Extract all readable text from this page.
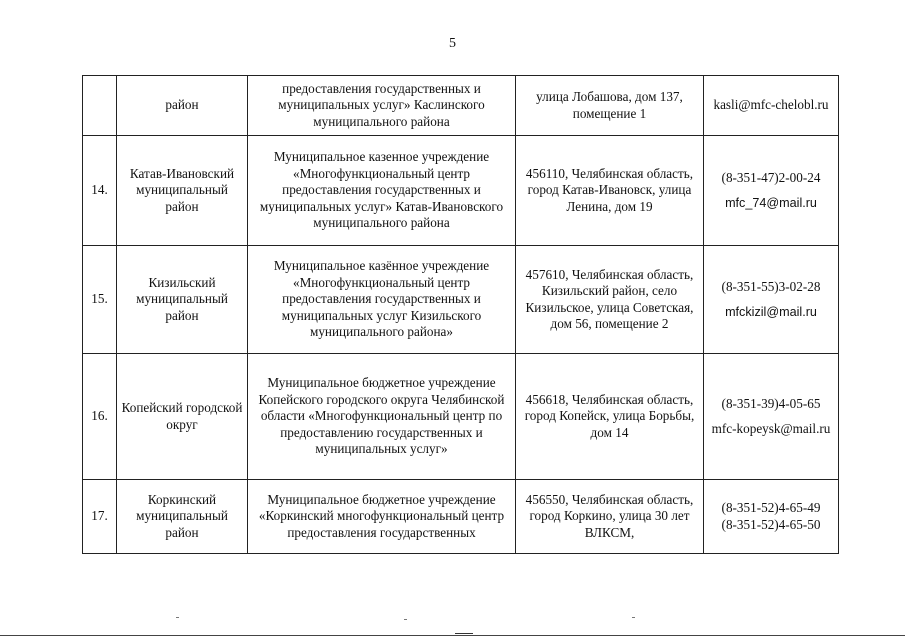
5
	район	предоставления государственных и муниципальных услуг» Каслинского муниципального района	улица Лобашова, дом 137, помещение 1	kasli@mfc-chelobl.ru

14.	Катав-Ивановский муниципальный район	Муниципальное казенное учреждение «Многофункциональный центр предоставления государственных и муниципальных услуг» Катав-Ивановского муниципального района	456110, Челябинская область, город Катав-Ивановск, улица Ленина, дом 19	(8-351-47)2-00-24
mfc_74@mail.ru

15.	Кизильский муниципальный район	Муниципальное казённое учреждение «Многофункциональный центр предоставления государственных и муниципальных услуг Кизильского муниципального района»	457610, Челябинская область, Кизильский район, село Кизильское, улица Советская, дом 56, помещение 2	(8-351-55)3-02-28
mfckizil@mail.ru

16.	Копейский городской округ	Муниципальное бюджетное учреждение Копейского городского округа Челябинской области «Многофункциональный центр по предоставлению государственных и муниципальных услуг»	456618, Челябинская область, город Копейск, улица Борьбы, дом 14	(8-351-39)4-05-65
mfc-kopeysk@mail.ru

17.	Коркинский муниципальный район	Муниципальное бюджетное учреждение «Коркинский многофункциональный центр предоставления государственных	456550, Челябинская область, город Коркино, улица 30 лет ВЛКСМ,	(8-351-52)4-65-49
(8-351-52)4-65-50
